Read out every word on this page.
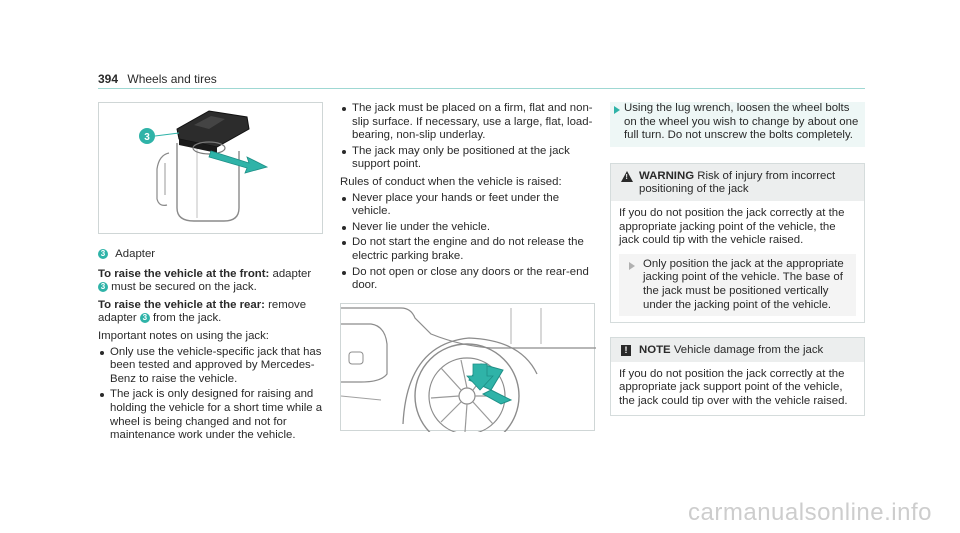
394 Wheels and tires
3

3 Adapter

To raise the vehicle at the front: adapter 3 must be secured on the jack.

To raise the vehicle at the rear: remove adapter 3 from the jack.

Important notes on using the jack:

Only use the vehicle-specific jack that has been tested and approved by Mercedes-Benz to raise the vehicle.
The jack is only designed for raising and holding the vehicle for a short time while a wheel is being changed and not for maintenance work under the vehicle.
The jack must be placed on a firm, flat and non-slip surface. If necessary, use a large, flat, load-bearing, non-slip underlay.
The jack may only be positioned at the jack support point.

Rules of conduct when the vehicle is raised:

Never place your hands or feet under the vehicle.
Never lie under the vehicle.
Do not start the engine and do not release the electric parking brake.
Do not open or close any doors or the rear-end door.
Using the lug wrench, loosen the wheel bolts on the wheel you wish to change by about one full turn. Do not unscrew the bolts completely.
! WARNING Risk of injury from incorrect positioning of the jack

If you do not position the jack correctly at the appropriate jacking point of the vehicle, the jack could tip with the vehicle raised.

Only position the jack at the appropriate jacking point of the vehicle. The base of the jack must be positioned vertically under the jacking point of the vehicle.
!	NOTE Vehicle damage from the jack

If you do not position the jack correctly at the appropriate jack support point of the vehicle, the jack could tip over with the vehicle raised.

carmanualsonline.info
